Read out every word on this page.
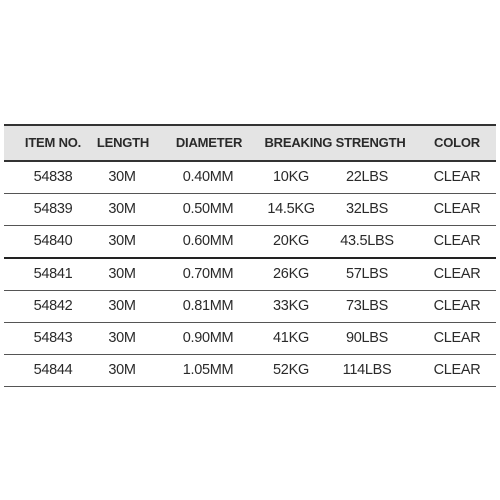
ITEM NO.	LENGTH	DIAMETER	BREAKING STRENGTH	COLOR
54838	30M	0.40MM	10KG	22LBS	CLEAR
54839	30M	0.50MM	14.5KG	32LBS	CLEAR
54840	30M	0.60MM	20KG	43.5LBS	CLEAR
54841	30M	0.70MM	26KG	57LBS	CLEAR
54842	30M	0.81MM	33KG	73LBS	CLEAR
54843	30M	0.90MM	41KG	90LBS	CLEAR
54844	30M	1.05MM	52KG	114LBS	CLEAR
